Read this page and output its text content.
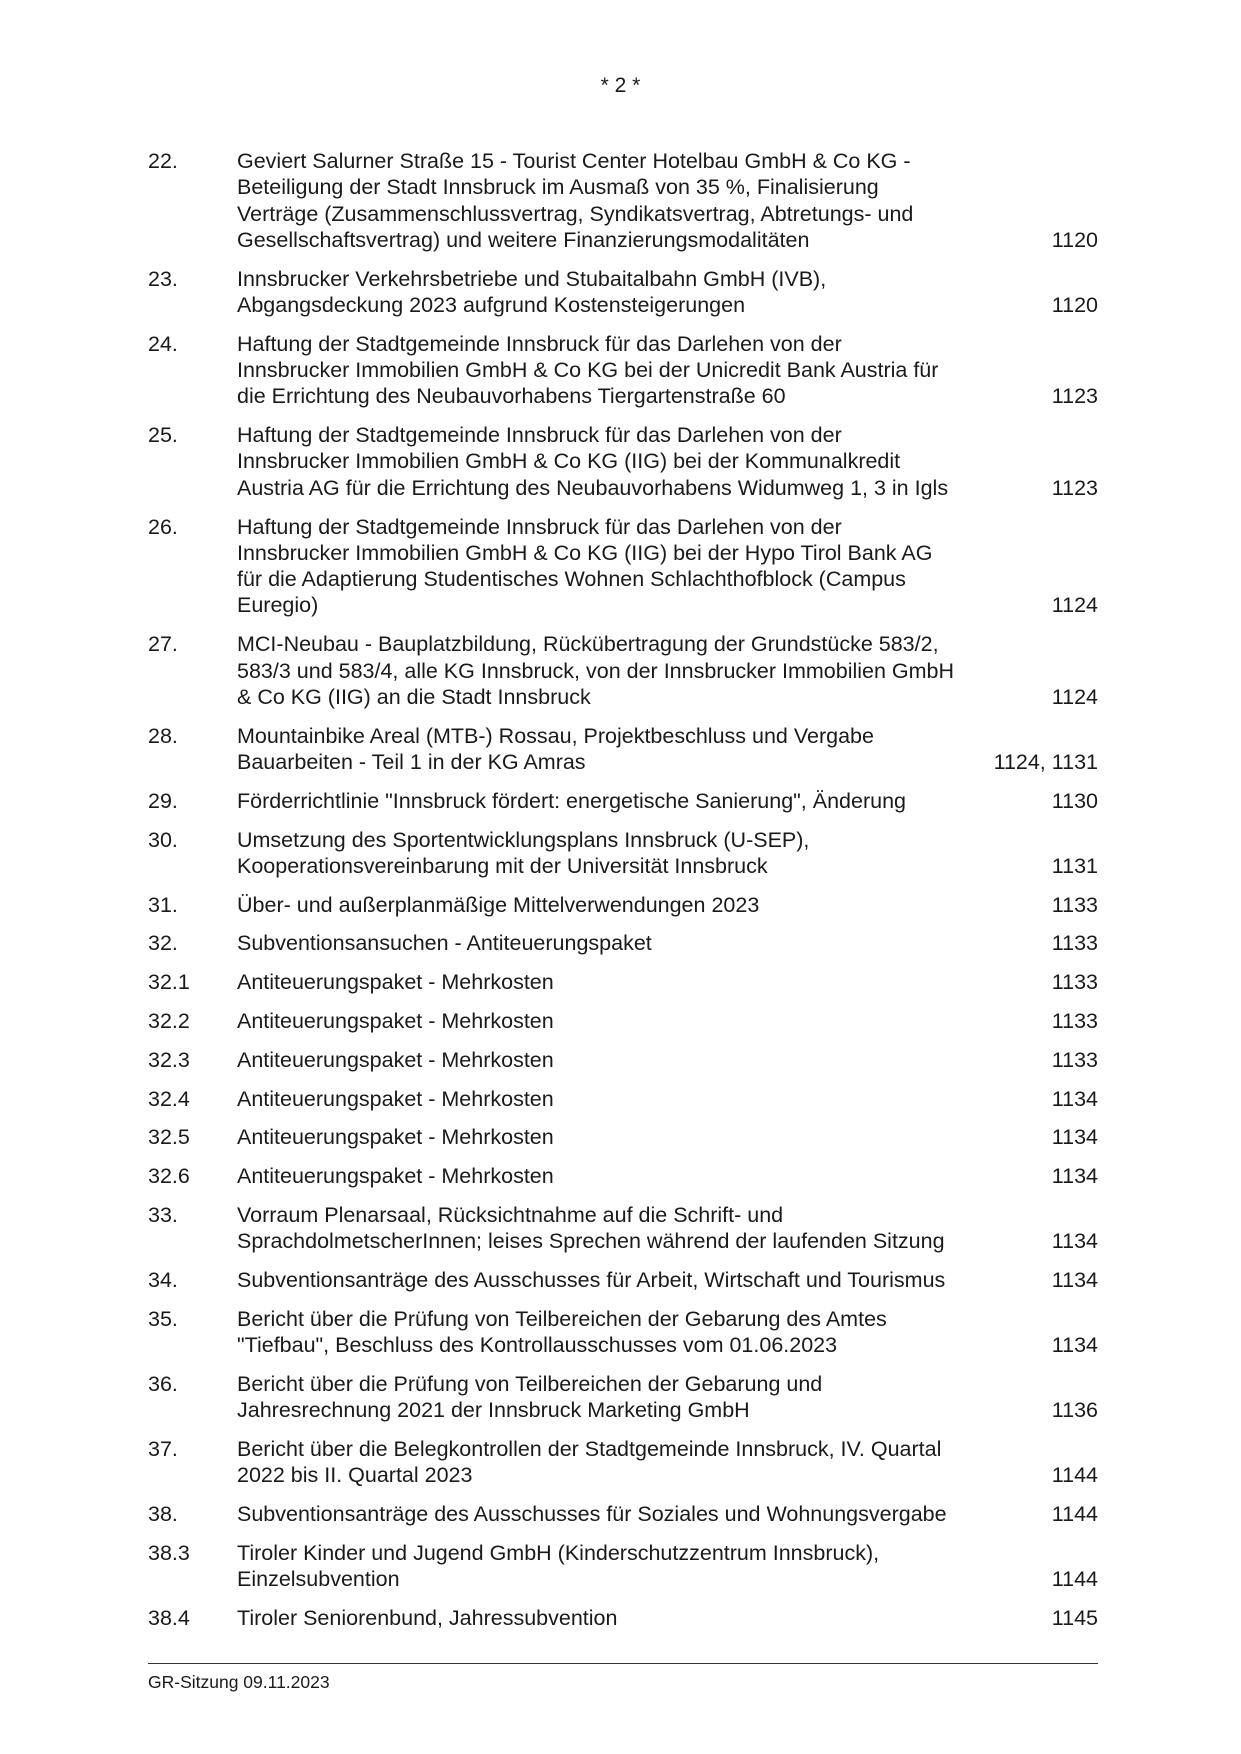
* 2 *
22.	Geviert Salurner Straße 15 - Tourist Center Hotelbau GmbH & Co KG -
Beteiligung der Stadt Innsbruck im Ausmaß von 35 %, Finalisierung
Verträge (Zusammenschlussvertrag, Syndikatsvertrag, Abtretungs- und
Gesellschaftsvertrag) und weitere Finanzierungsmodalitäten	1120
23.	Innsbrucker Verkehrsbetriebe und Stubaitalbahn GmbH (IVB),
Abgangsdeckung 2023 aufgrund Kostensteigerungen	1120
24.	Haftung der Stadtgemeinde Innsbruck für das Darlehen von der
Innsbrucker Immobilien GmbH & Co KG bei der Unicredit Bank Austria für
die Errichtung des Neubauvorhabens Tiergartenstraße 60	1123
25.	Haftung der Stadtgemeinde Innsbruck für das Darlehen von der
Innsbrucker Immobilien GmbH & Co KG (IIG) bei der Kommunalkredit
Austria AG für die Errichtung des Neubauvorhabens Widumweg 1, 3 in Igls	1123
26.	Haftung der Stadtgemeinde Innsbruck für das Darlehen von der
Innsbrucker Immobilien GmbH & Co KG (IIG) bei der Hypo Tirol Bank AG
für die Adaptierung Studentisches Wohnen Schlachthofblock (Campus
Euregio)	1124
27.	MCI-Neubau - Bauplatzbildung, Rückübertragung der Grundstücke 583/2,
583/3 und 583/4, alle KG Innsbruck, von der Innsbrucker Immobilien GmbH
& Co KG (IIG) an die Stadt Innsbruck	1124
28.	Mountainbike Areal (MTB-) Rossau, Projektbeschluss und Vergabe
Bauarbeiten - Teil 1 in der KG Amras	1124, 1131
29.	Förderrichtlinie "Innsbruck fördert: energetische Sanierung", Änderung	1130
30.	Umsetzung des Sportentwicklungsplans Innsbruck (U-SEP),
Kooperationsvereinbarung mit der Universität Innsbruck	1131
31.	Über- und außerplanmäßige Mittelverwendungen 2023	1133
32.	Subventionsansuchen - Antiteuerungspaket	1133
32.1	Antiteuerungspaket - Mehrkosten	1133
32.2	Antiteuerungspaket - Mehrkosten	1133
32.3	Antiteuerungspaket - Mehrkosten	1133
32.4	Antiteuerungspaket - Mehrkosten	1134
32.5	Antiteuerungspaket - Mehrkosten	1134
32.6	Antiteuerungspaket - Mehrkosten	1134
33.	Vorraum Plenarsaal, Rücksichtnahme auf die Schrift- und
SprachdolmetscherInnen; leises Sprechen während der laufenden Sitzung	1134
34.	Subventionsanträge des Ausschusses für Arbeit, Wirtschaft und Tourismus	1134
35.	Bericht über die Prüfung von Teilbereichen der Gebarung des Amtes
"Tiefbau", Beschluss des Kontrollausschusses vom 01.06.2023	1134
36.	Bericht über die Prüfung von Teilbereichen der Gebarung und
Jahresrechnung 2021 der Innsbruck Marketing GmbH	1136
37.	Bericht über die Belegkontrollen der Stadtgemeinde Innsbruck, IV. Quartal
2022 bis II. Quartal 2023	1144
38.	Subventionsanträge des Ausschusses für Soziales und Wohnungsvergabe	1144
38.3	Tiroler Kinder und Jugend GmbH (Kinderschutzzentrum Innsbruck),
Einzelsubvention	1144
38.4	Tiroler Seniorenbund, Jahressubvention	1145
GR-Sitzung 09.11.2023
